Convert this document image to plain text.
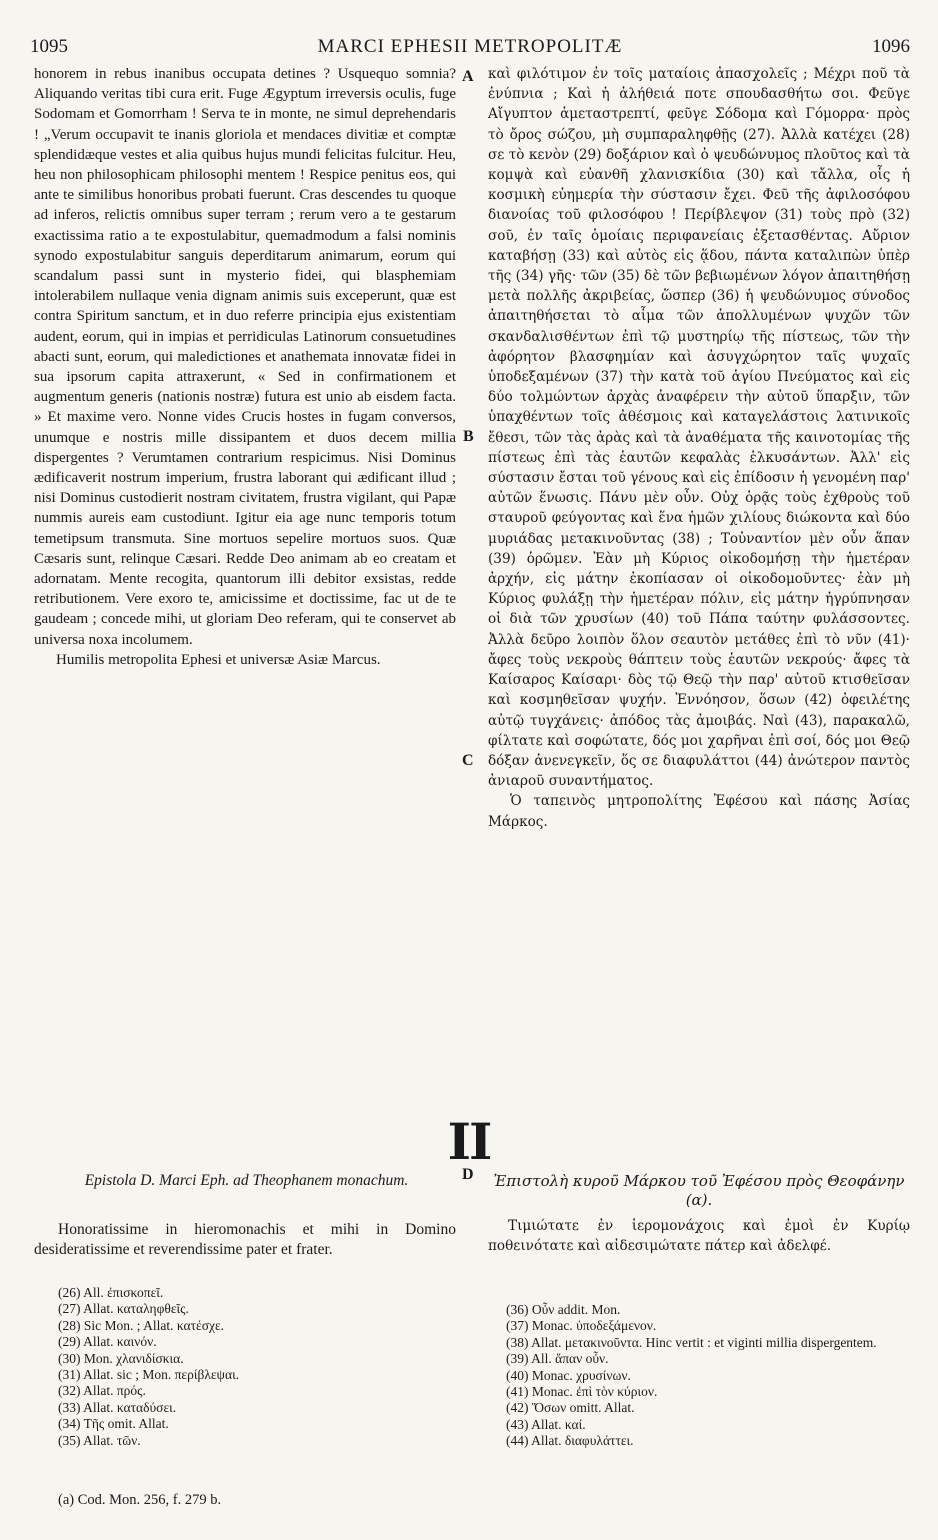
1095	MARCI EPHESII METROPOLITÆ	1096

honorem in rebus inanibus occupata detines ? Usquequo somnia? Aliquando veritas tibi cura erit. Fuge Ægyptum irreversis oculis, fuge Sodomam et Gomorrham ! Serva te in monte, ne simul deprehendaris ! „Verum occupavit te inanis gloriola et mendaces divitiæ et comptæ splendidæque vestes et alia quibus hujus mundi felicitas fulcitur. Heu, heu non philosophicam philosophi mentem ! Respice penitus eos, qui ante te similibus honoribus probati fuerunt. Cras descendes tu quoque ad inferos, relictis omnibus super terram ; rerum vero a te gestarum exactissima ratio a te expostulabitur, quemadmodum a falsi nominis synodo expostulabitur sanguis deperditarum animarum, eorum qui scandalum passi sunt in mysterio fidei, qui blasphemiam intolerabilem nullaque venia dignam animis suis exceperunt, quæ est contra Spiritum sanctum, et in duo referre principia ejus existentiam audent, eorum, qui in impias et perridiculas Latinorum consuetudines abacti sunt, eorum, qui maledictiones et anathemata innovatæ fidei in sua ipsorum capita attraxerunt, « Sed in confirmationem et augmentum generis (nationis nostræ) futura est unio ab eisdem facta. » Et maxime vero. Nonne vides Crucis hostes in fugam conversos, unumque e nostris mille dissipantem et duos decem millia dispergentes ? Verumtamen contrarium respicimus. Nisi Dominus ædificaverit nostrum imperium, frustra laborant qui ædificant illud ; nisi Dominus custodierit nostram civitatem, frustra vigilant, qui Papæ nummis aureis eam custodiunt. Igitur eia age nunc temporis totum temetipsum transmuta. Sine mortuos sepelire mortuos suos. Quæ Cæsaris sunt, relinque Cæsari. Redde Deo animam ab eo creatam et adornatam. Mente recogita, quantorum illi debitor exsistas, redde retributionem. Vere exoro te, amicissime et doctissime, fac ut de te gaudeam ; concede mihi, ut gloriam Deo referam, qui te conservet ab universa noxa incolumem.

Humilis metropolita Ephesi et universæ Asiæ Marcus.

A
B
C
D

καὶ φιλότιμον ἐν τοῖς ματαίοις ἀπασχολεῖς ; Μέχρι ποῦ τὰ ἐνύπνια ; Καὶ ἡ ἀλήθειά ποτε σπουδασθήτω σοι. Φεῦγε Αἴγυπτον ἀμεταστρεπτί, φεῦγε Σόδομα καὶ Γόμορρα· πρὸς τὸ ὄρος σώζου, μὴ συμπαραληφθῇς (27). Ἀλλὰ κατέχει (28) σε τὸ κενὸν (29) δοξάριον καὶ ὁ ψευδώνυμος πλοῦτος καὶ τὰ κομψὰ καὶ εὐανθῆ χλανισκίδια (30) καὶ τἄλλα, οἷς ἡ κοσμικὴ εὐημερία τὴν σύστασιν ἔχει. Φεῦ τῆς ἀφιλοσόφου διανοίας τοῦ φιλοσόφου ! Περίβλεψον (31) τοὺς πρὸ (32) σοῦ, ἐν ταῖς ὁμοίαις περιφανείαις ἐξετασθέντας. Αὔριον καταβήσῃ (33) καὶ αὐτὸς εἰς ᾅδου, πάντα καταλιπὼν ὑπὲρ τῆς (34) γῆς· τῶν (35) δὲ τῶν βεβιωμένων λόγον ἀπαιτηθήσῃ μετὰ πολλῆς ἀκριβείας, ὥσπερ (36) ἡ ψευδώνυμος σύνοδος ἀπαιτηθήσεται τὸ αἷμα τῶν ἀπολλυμένων ψυχῶν τῶν σκανδαλισθέντων ἐπὶ τῷ μυστηρίῳ τῆς πίστεως, τῶν τὴν ἀφόρητον βλασφημίαν καὶ ἀσυγχώρητον ταῖς ψυχαῖς ὑποδεξαμένων (37) τὴν κατὰ τοῦ ἁγίου Πνεύματος καὶ εἰς δύο τολμώντων ἀρχὰς ἀναφέρειν τὴν αὐτοῦ ὕπαρξιν, τῶν ὑπαχθέντων τοῖς ἀθέσμοις καὶ καταγελάστοις λατινικοῖς ἔθεσι, τῶν τὰς ἀρὰς καὶ τὰ ἀναθέματα τῆς καινοτομίας τῆς πίστεως ἐπὶ τὰς ἑαυτῶν κεφαλὰς ἑλκυσάντων. Ἀλλ' εἰς σύστασιν ἔσται τοῦ γένους καὶ εἰς ἐπίδοσιν ἡ γενομένη παρ' αὐτῶν ἕνωσις. Πάνυ μὲν οὖν. Οὐχ ὁρᾷς τοὺς ἐχθροὺς τοῦ σταυροῦ φεύγοντας καὶ ἕνα ἡμῶν χιλίους διώκοντα καὶ δύο μυριάδας μετακινοῦντας (38) ; Τοὐναντίον μὲν οὖν ἅπαν (39) ὁρῶμεν. Ἐὰν μὴ Κύριος οἰκοδομήσῃ τὴν ἡμετέραν ἀρχήν, εἰς μάτην ἐκοπίασαν οἱ οἰκοδομοῦντες· ἐὰν μὴ Κύριος φυλάξῃ τὴν ἡμετέραν πόλιν, εἰς μάτην ἠγρύπνησαν οἱ διὰ τῶν χρυσίων (40) τοῦ Πάπα ταύτην φυλάσσοντες. Ἀλλὰ δεῦρο λοιπὸν ὅλον σεαυτὸν μετάθες ἐπὶ τὸ νῦν (41)· ἄφες τοὺς νεκροὺς θάπτειν τοὺς ἑαυτῶν νεκρούς· ἄφες τὰ Καίσαρος Καίσαρι· δὸς τῷ Θεῷ τὴν παρ' αὐτοῦ κτισθεῖσαν καὶ κοσμηθεῖσαν ψυχήν. Ἐννόησον, ὅσων (42) ὀφειλέτης αὐτῷ τυγχάνεις· ἀπόδος τὰς ἀμοιβάς. Ναὶ (43), παρακαλῶ, φίλτατε καὶ σοφώτατε, δός μοι χαρῆναι ἐπὶ σοί, δός μοι Θεῷ δόξαν ἀνενεγκεῖν, ὅς σε διαφυλάττοι (44) ἀνώτερον παντὸς ἀνιαροῦ συναντήματος.

Ὁ ταπεινὸς μητροπολίτης Ἐφέσου καὶ πάσης Ἀσίας Μάρκος.

II
Epistola D. Marci Eph. ad Theophanem monachum.	Ἐπιστολὴ κυροῦ Μάρκου τοῦ Ἐφέσου πρὸς Θεοφάνην (α).
Honoratissime in hieromonachis et mihi in Domino desideratissime et reverendissime pater et frater.
Τιμιώτατε ἐν ἱερομονάχοις καὶ ἐμοὶ ἐν Κυρίῳ ποθεινότατε καὶ αἰδεσιμώτατε πάτερ καὶ ἀδελφέ.
(26) All. ἐπισκοπεῖ.
(27) Allat. καταληφθεῖς.
(28) Sic Mon. ; Allat. κατέσχε.
(29) Allat. καινόν.
(30) Mon. χλανιδίσκια.
(31) Allat. sic ; Mon. περίβλεψαι.
(32) Allat. πρός.
(33) Allat. καταδύσει.
(34) Τῆς omit. Allat.
(35) Allat. τῶν.
(36) Οὖν addit. Mon.
(37) Monac. ὑποδεξάμενον.
(38) Allat. μετακινοῦντα. Hinc vertit : et viginti millia dispergentem.
(39) All. ἅπαν οὖν.
(40) Monac. χρυσίνων.
(41) Monac. ἐπὶ τὸν κύριον.
(42) Ὅσων omitt. Allat.
(43) Allat. καί.
(44) Allat. διαφυλάττει.
(a) Cod. Mon. 256, f. 279 b.
